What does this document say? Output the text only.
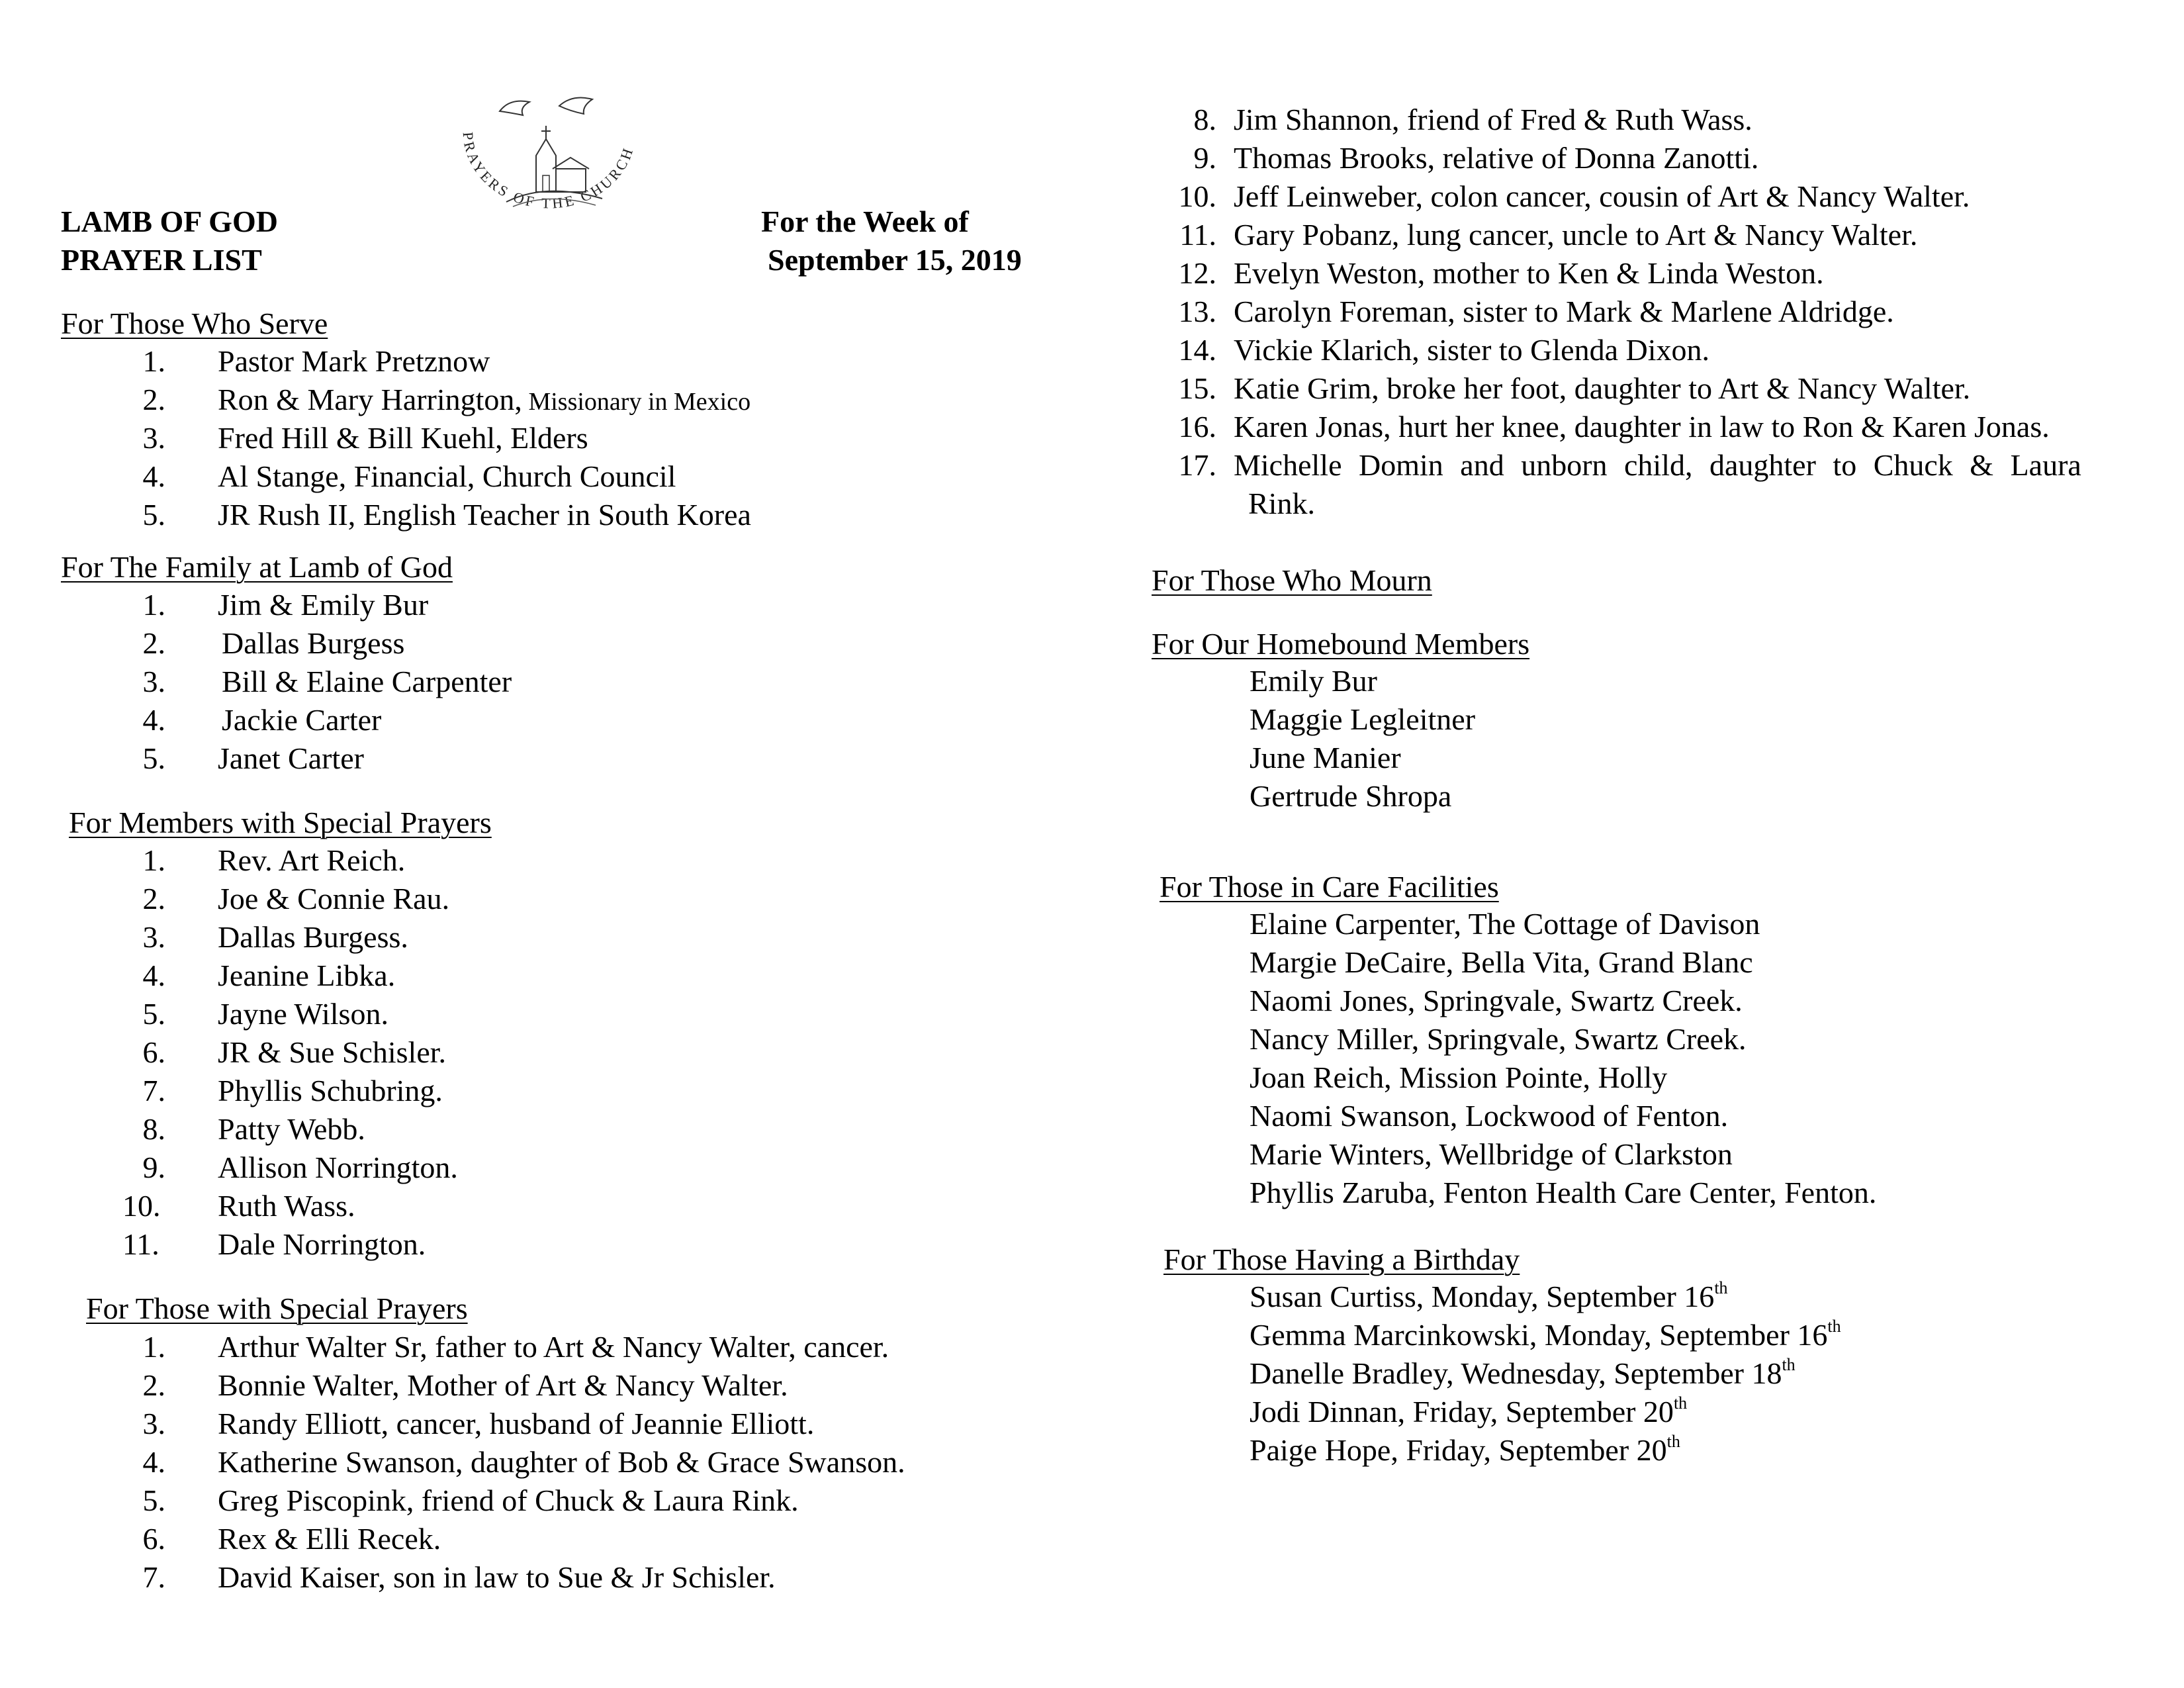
LAMB OF GOD
PRAYER LIST
For the Week of
September 15, 2019
PRAYERS OF THE CHURCH
For Those Who Serve
1. Pastor Mark Pretznow
2. Ron & Mary Harrington, Missionary in Mexico
3. Fred Hill & Bill Kuehl, Elders
4. Al Stange, Financial, Church Council
5. JR Rush II, English Teacher in South Korea
For The Family at Lamb of God
1. Jim & Emily Bur
2. Dallas Burgess
3. Bill & Elaine Carpenter
4. Jackie Carter
5. Janet Carter
For Members with Special Prayers
1. Rev. Art Reich.
2. Joe & Connie Rau.
3. Dallas Burgess.
4. Jeanine Libka.
5. Jayne Wilson.
6. JR & Sue Schisler.
7. Phyllis Schubring.
8. Patty Webb.
9. Allison Norrington.
10.	Ruth Wass.
11.	Dale Norrington.
For Those with Special Prayers
1. Arthur Walter Sr, father to Art & Nancy Walter, cancer.
2. Bonnie Walter, Mother of Art & Nancy Walter.
3. Randy Elliott, cancer, husband of Jeannie Elliott.
4. Katherine Swanson, daughter of Bob & Grace Swanson.
5. Greg Piscopink, friend of Chuck & Laura Rink.
6. Rex & Elli Recek.
7. David Kaiser, son in law to Sue & Jr Schisler.
8. Jim Shannon, friend of Fred & Ruth Wass.
9. Thomas Brooks, relative of Donna Zanotti.
10. Jeff Leinweber, colon cancer, cousin of Art & Nancy Walter.
11. Gary Pobanz, lung cancer, uncle to Art & Nancy Walter.
12. Evelyn Weston, mother to Ken & Linda Weston.
13. Carolyn Foreman, sister to Mark & Marlene Aldridge.
14. Vickie Klarich, sister to Glenda Dixon.
15. Katie Grim, broke her foot, daughter to Art & Nancy Walter.
16. Karen Jonas, hurt her knee, daughter in law to Ron & Karen Jonas.
17. Michelle Domin and unborn child, daughter to Chuck & Laura
Rink.
For Those Who Mourn
For Our Homebound Members
Emily Bur
Maggie Legleitner
June Manier
Gertrude Shropa
For Those in Care Facilities
Elaine Carpenter, The Cottage of Davison
Margie DeCaire, Bella Vita, Grand Blanc
Naomi Jones, Springvale, Swartz Creek.
Nancy Miller, Springvale, Swartz Creek.
Joan Reich, Mission Pointe, Holly
Naomi Swanson, Lockwood of Fenton.
Marie Winters, Wellbridge of Clarkston
Phyllis Zaruba, Fenton Health Care Center, Fenton.
For Those Having a Birthday
Susan Curtiss, Monday, September 16th
Gemma Marcinkowski, Monday, September 16th
Danelle Bradley, Wednesday, September 18th
Jodi Dinnan, Friday, September 20th
Paige Hope, Friday, September 20th
